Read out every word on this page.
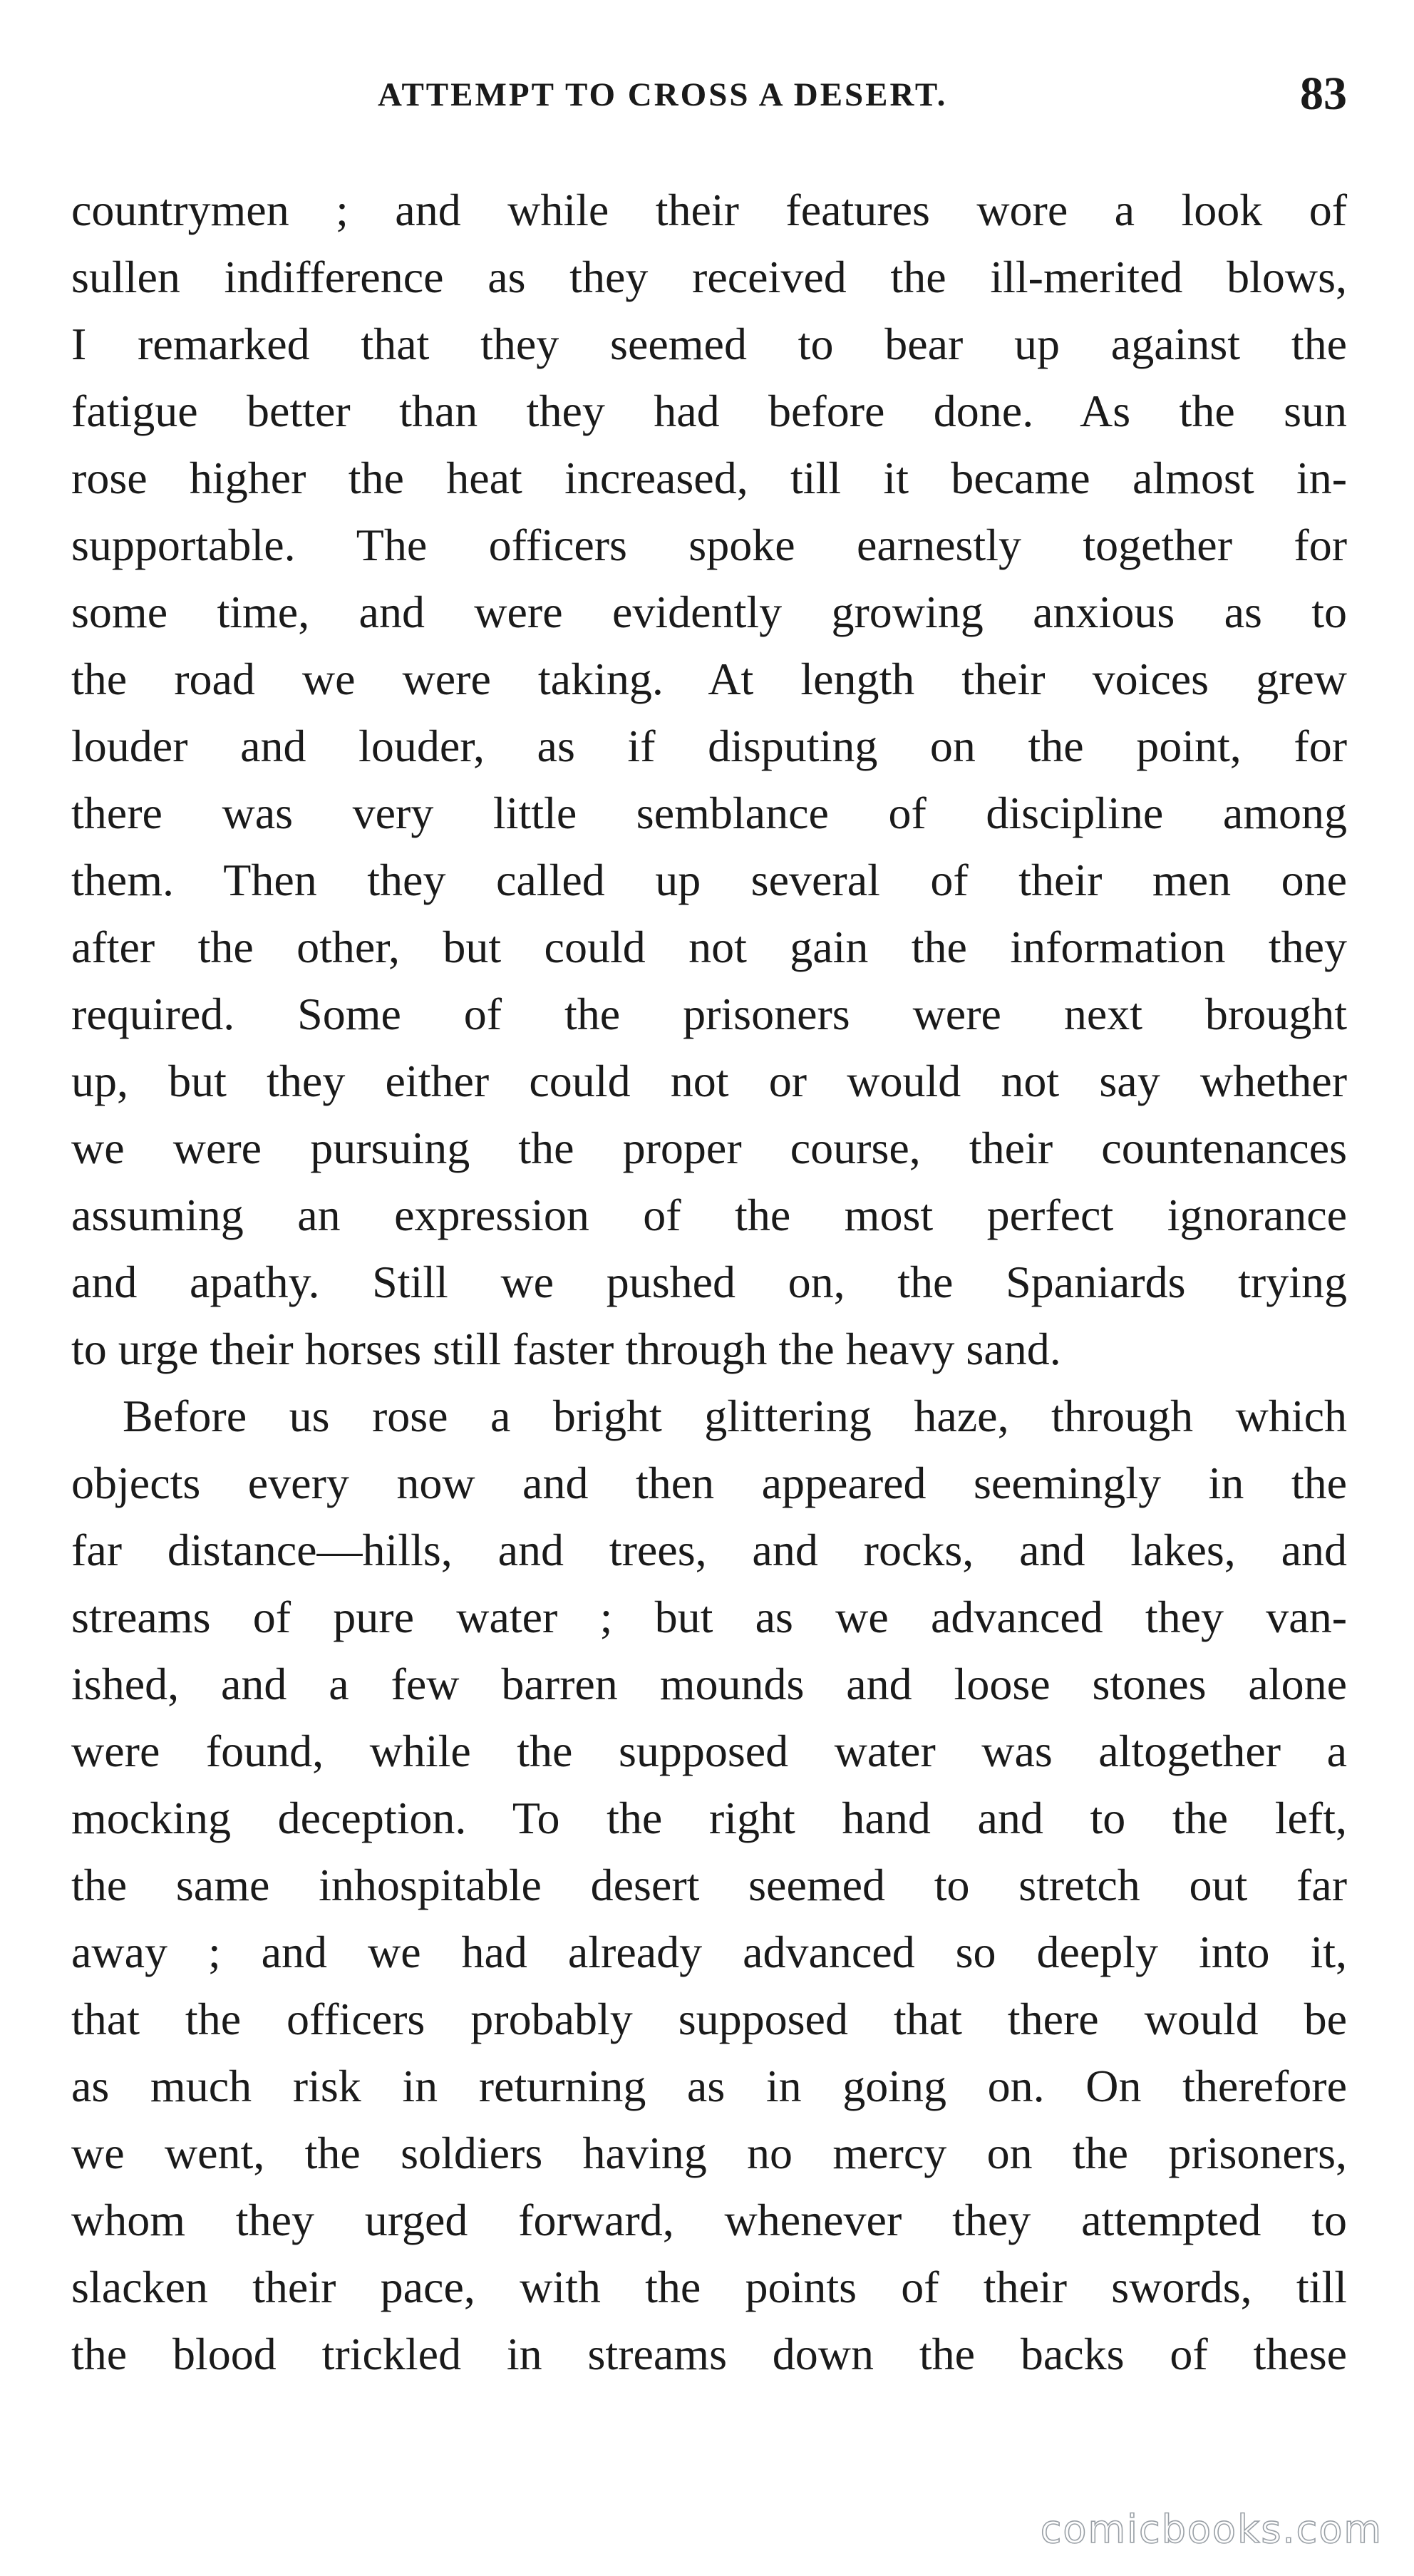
ATTEMPT TO CROSS A DESERT.	83
countrymen ; and while their features wore a look of
sullen indifference as they received the ill-merited blows,
I remarked that they seemed to bear up against the
fatigue better than they had before done. As the sun
rose higher the heat increased, till it became almost in-
supportable. The officers spoke earnestly together for
some time, and were evidently growing anxious as to
the road we were taking. At length their voices grew
louder and louder, as if disputing on the point, for
there was very little semblance of discipline among
them. Then they called up several of their men one
after the other, but could not gain the information they
required. Some of the prisoners were next brought
up, but they either could not or would not say whether
we were pursuing the proper course, their countenances
assuming an expression of the most perfect ignorance
and apathy. Still we pushed on, the Spaniards trying
to urge their horses still faster through the heavy sand.
Before us rose a bright glittering haze, through which
objects every now and then appeared seemingly in the
far distance—hills, and trees, and rocks, and lakes, and
streams of pure water ; but as we advanced they van-
ished, and a few barren mounds and loose stones alone
were found, while the supposed water was altogether a
mocking deception. To the right hand and to the left,
the same inhospitable desert seemed to stretch out far
away ; and we had already advanced so deeply into it,
that the officers probably supposed that there would be
as much risk in returning as in going on. On therefore
we went, the soldiers having no mercy on the prisoners,
whom they urged forward, whenever they attempted to
slacken their pace, with the points of their swords, till
the blood trickled in streams down the backs of these
comicbooks.com
